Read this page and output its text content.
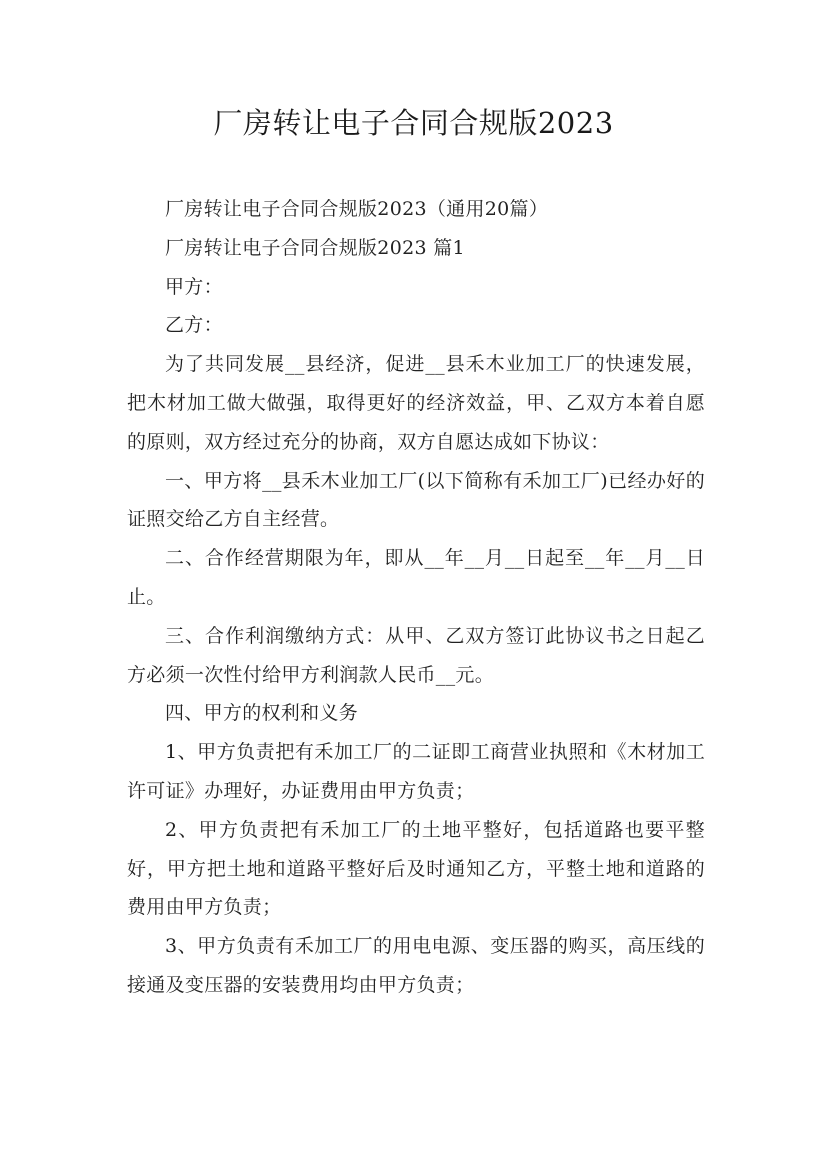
厂房转让电子合同合规版2023

厂房转让电子合同合规版2023（通用20篇）

厂房转让电子合同合规版2023 篇1

甲方：

乙方：

为了共同发展__县经济，促进__县禾木业加工厂的快速发展，把木材加工做大做强，取得更好的经济效益，甲、乙双方本着自愿的原则，双方经过充分的协商，双方自愿达成如下协议：

一、甲方将__县禾木业加工厂(以下简称有禾加工厂)已经办好的证照交给乙方自主经营。

二、合作经营期限为年，即从__年__月__日起至__年__月__日止。

三、合作利润缴纳方式：从甲、乙双方签订此协议书之日起乙方必须一次性付给甲方利润款人民币__元。

四、甲方的权利和义务

1、甲方负责把有禾加工厂的二证即工商营业执照和《木材加工许可证》办理好，办证费用由甲方负责；

2、甲方负责把有禾加工厂的土地平整好，包括道路也要平整好，甲方把土地和道路平整好后及时通知乙方，平整土地和道路的费用由甲方负责；

3、甲方负责有禾加工厂的用电电源、变压器的购买，高压线的接通及变压器的安装费用均由甲方负责；
